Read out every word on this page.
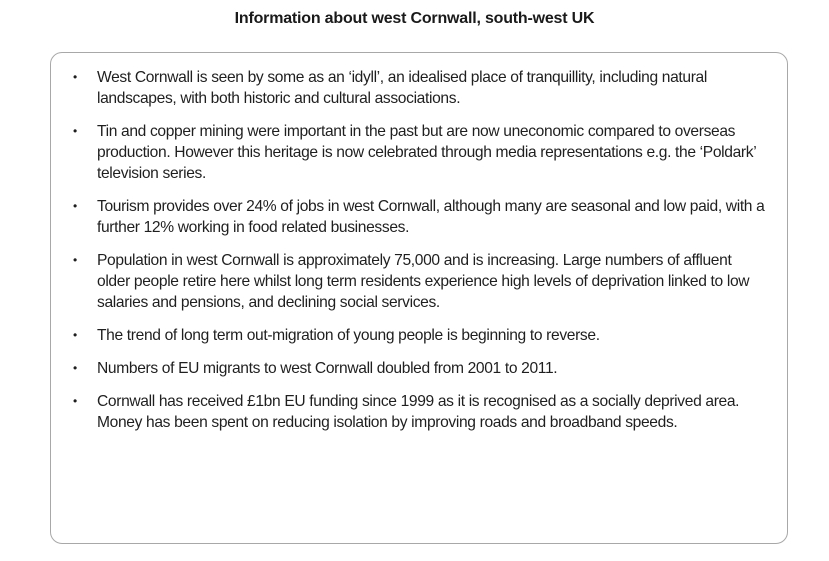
Information about west Cornwall, south-west UK
• West Cornwall is seen by some as an ‘idyll’, an idealised place of tranquillity, including natural landscapes, with both historic and cultural associations.
• Tin and copper mining were important in the past but are now uneconomic compared to overseas production. However this heritage is now celebrated through media representations e.g. the ‘Poldark’ television series.
• Tourism provides over 24% of jobs in west Cornwall, although many are seasonal and low paid, with a further 12% working in food related businesses.
• Population in west Cornwall is approximately 75,000 and is increasing. Large numbers of affluent older people retire here whilst long term residents experience high levels of deprivation linked to low salaries and pensions, and declining social services.
• The trend of long term out-migration of young people is beginning to reverse.
• Numbers of EU migrants to west Cornwall doubled from 2001 to 2011.
• Cornwall has received £1bn EU funding since 1999 as it is recognised as a socially deprived area. Money has been spent on reducing isolation by improving roads and broadband speeds.
